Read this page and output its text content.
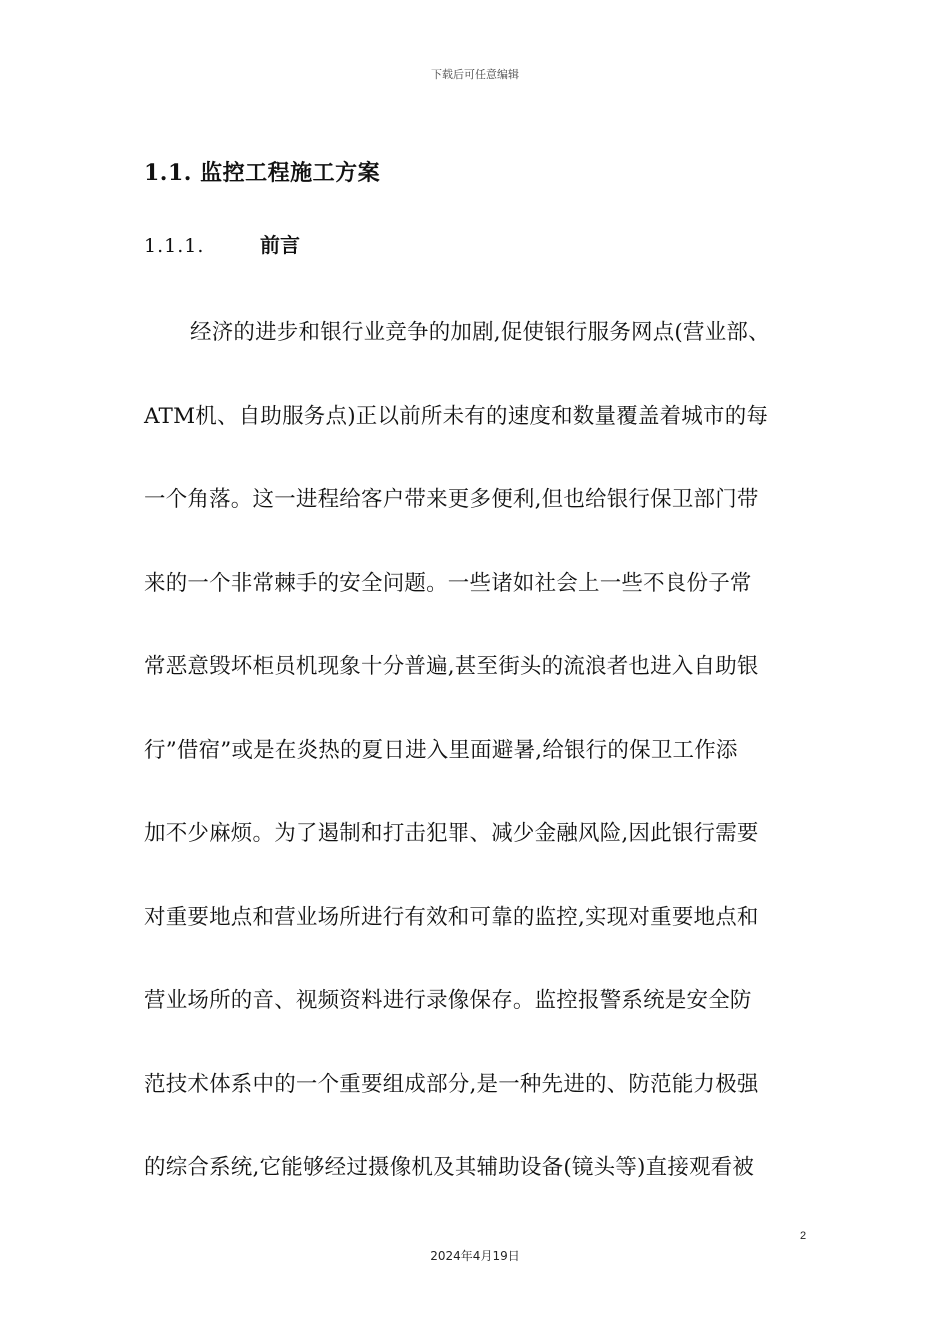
下载后可任意编辑
1.1. 监控工程施工方案
1.1.1.	前言
经济的进步和银行业竞争的加剧,促使银行服务网点(营业部、
ATM机、自助服务点)正以前所未有的速度和数量覆盖着城市的每
一个角落。这一进程给客户带来更多便利,但也给银行保卫部门带
来的一个非常棘手的安全问题。一些诸如社会上一些不良份子常
常恶意毁坏柜员机现象十分普遍,甚至街头的流浪者也进入自助银
行”借宿”或是在炎热的夏日进入里面避暑,给银行的保卫工作添
加不少麻烦。为了遏制和打击犯罪、减少金融风险,因此银行需要
对重要地点和营业场所进行有效和可靠的监控,实现对重要地点和
营业场所的音、视频资料进行录像保存。监控报警系统是安全防
范技术体系中的一个重要组成部分,是一种先进的、防范能力极强
的综合系统,它能够经过摄像机及其辅助设备(镜头等)直接观看被
2
2024年4月19日
